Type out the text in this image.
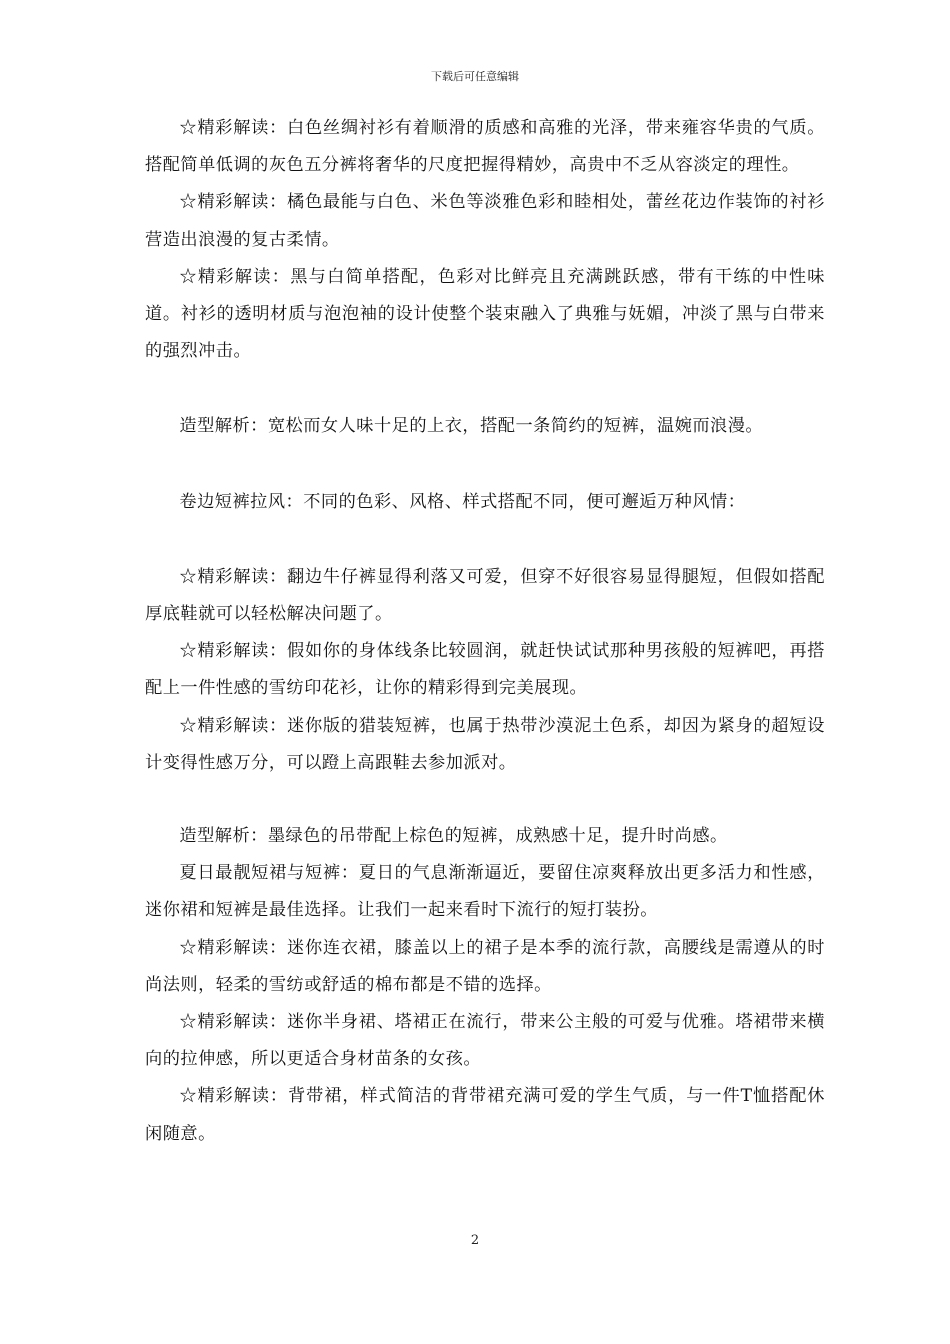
下载后可任意编辑

☆精彩解读：白色丝绸衬衫有着顺滑的质感和高雅的光泽，带来雍容华贵的气质。搭配简单低调的灰色五分裤将奢华的尺度把握得精妙，高贵中不乏从容淡定的理性。

☆精彩解读：橘色最能与白色、米色等淡雅色彩和睦相处，蕾丝花边作装饰的衬衫营造出浪漫的复古柔情。

☆精彩解读：黑与白简单搭配，色彩对比鲜亮且充满跳跃感，带有干练的中性味道。衬衫的透明材质与泡泡袖的设计使整个装束融入了典雅与妩媚，冲淡了黑与白带来的强烈冲击。

造型解析：宽松而女人味十足的上衣，搭配一条简约的短裤，温婉而浪漫。

卷边短裤拉风：不同的色彩、风格、样式搭配不同，便可邂逅万种风情：

☆精彩解读：翻边牛仔裤显得利落又可爱，但穿不好很容易显得腿短，但假如搭配厚底鞋就可以轻松解决问题了。

☆精彩解读：假如你的身体线条比较圆润，就赶快试试那种男孩般的短裤吧，再搭配上一件性感的雪纺印花衫，让你的精彩得到完美展现。

☆精彩解读：迷你版的猎装短裤，也属于热带沙漠泥土色系，却因为紧身的超短设计变得性感万分，可以蹬上高跟鞋去参加派对。

造型解析：墨绿色的吊带配上棕色的短裤，成熟感十足，提升时尚感。

夏日最靓短裙与短裤：夏日的气息渐渐逼近，要留住凉爽释放出更多活力和性感，迷你裙和短裤是最佳选择。让我们一起来看时下流行的短打装扮。

☆精彩解读：迷你连衣裙，膝盖以上的裙子是本季的流行款，高腰线是需遵从的时尚法则，轻柔的雪纺或舒适的棉布都是不错的选择。

☆精彩解读：迷你半身裙、塔裙正在流行，带来公主般的可爱与优雅。塔裙带来横向的拉伸感，所以更适合身材苗条的女孩。

☆精彩解读：背带裙，样式简洁的背带裙充满可爱的学生气质，与一件T恤搭配休闲随意。

2
